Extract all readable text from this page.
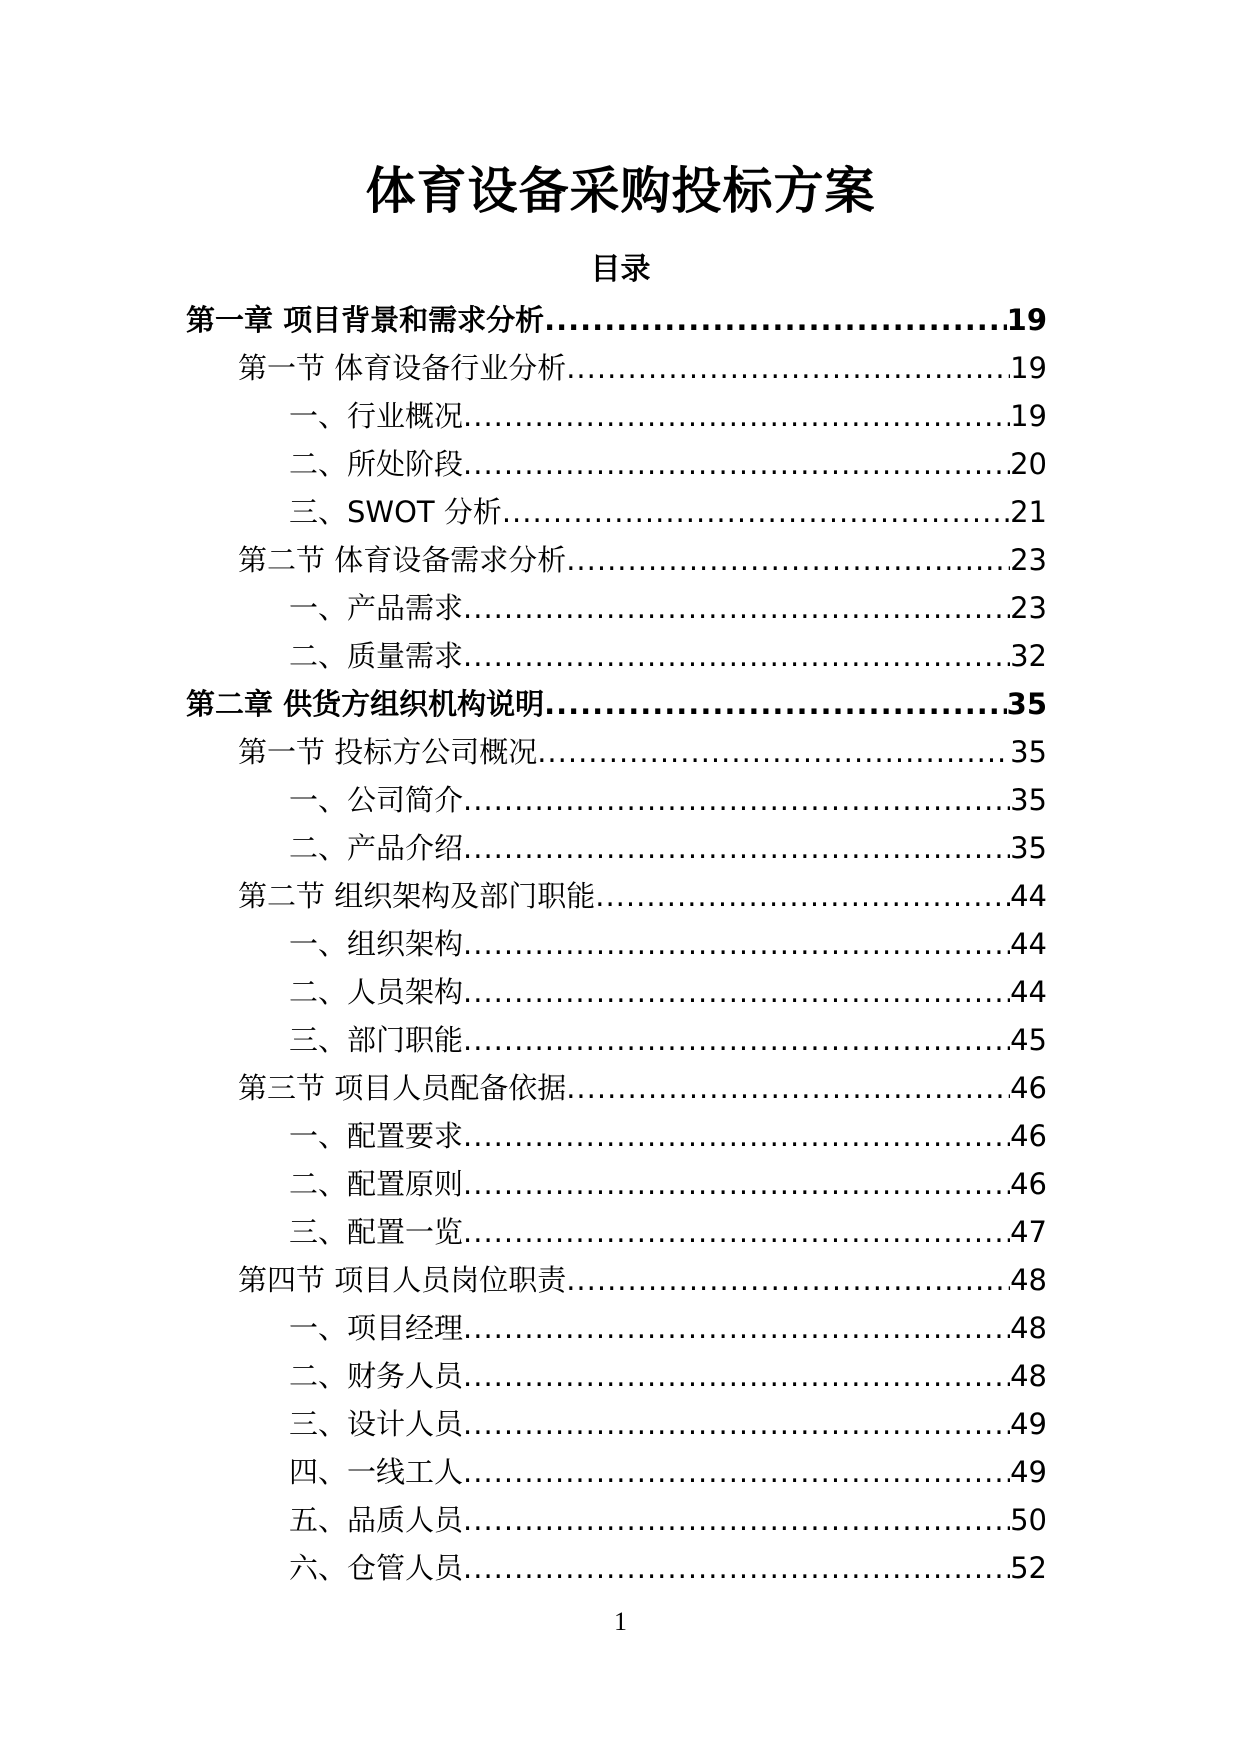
体育设备采购投标方案
目录
第一章 项目背景和需求分析 .....	19
第一节 体育设备行业分析 .....	19
一、行业概况 .....	19
二、所处阶段 .....	20
三、SWOT 分析 .....	21
第二节 体育设备需求分析 .....	23
一、产品需求 .....	23
二、质量需求 .....	32
第二章 供货方组织机构说明 .....	35
第一节 投标方公司概况 .....	35
一、公司简介 .....	35
二、产品介绍 .....	35
第二节 组织架构及部门职能 .....	44
一、组织架构 .....	44
二、人员架构 .....	44
三、部门职能 .....	45
第三节 项目人员配备依据 .....	46
一、配置要求 .....	46
二、配置原则 .....	46
三、配置一览 .....	47
第四节 项目人员岗位职责 .....	48
一、项目经理 .....	48
二、财务人员 .....	48
三、设计人员 .....	49
四、一线工人 .....	49
五、品质人员 .....	50
六、仓管人员 .....	52
1
